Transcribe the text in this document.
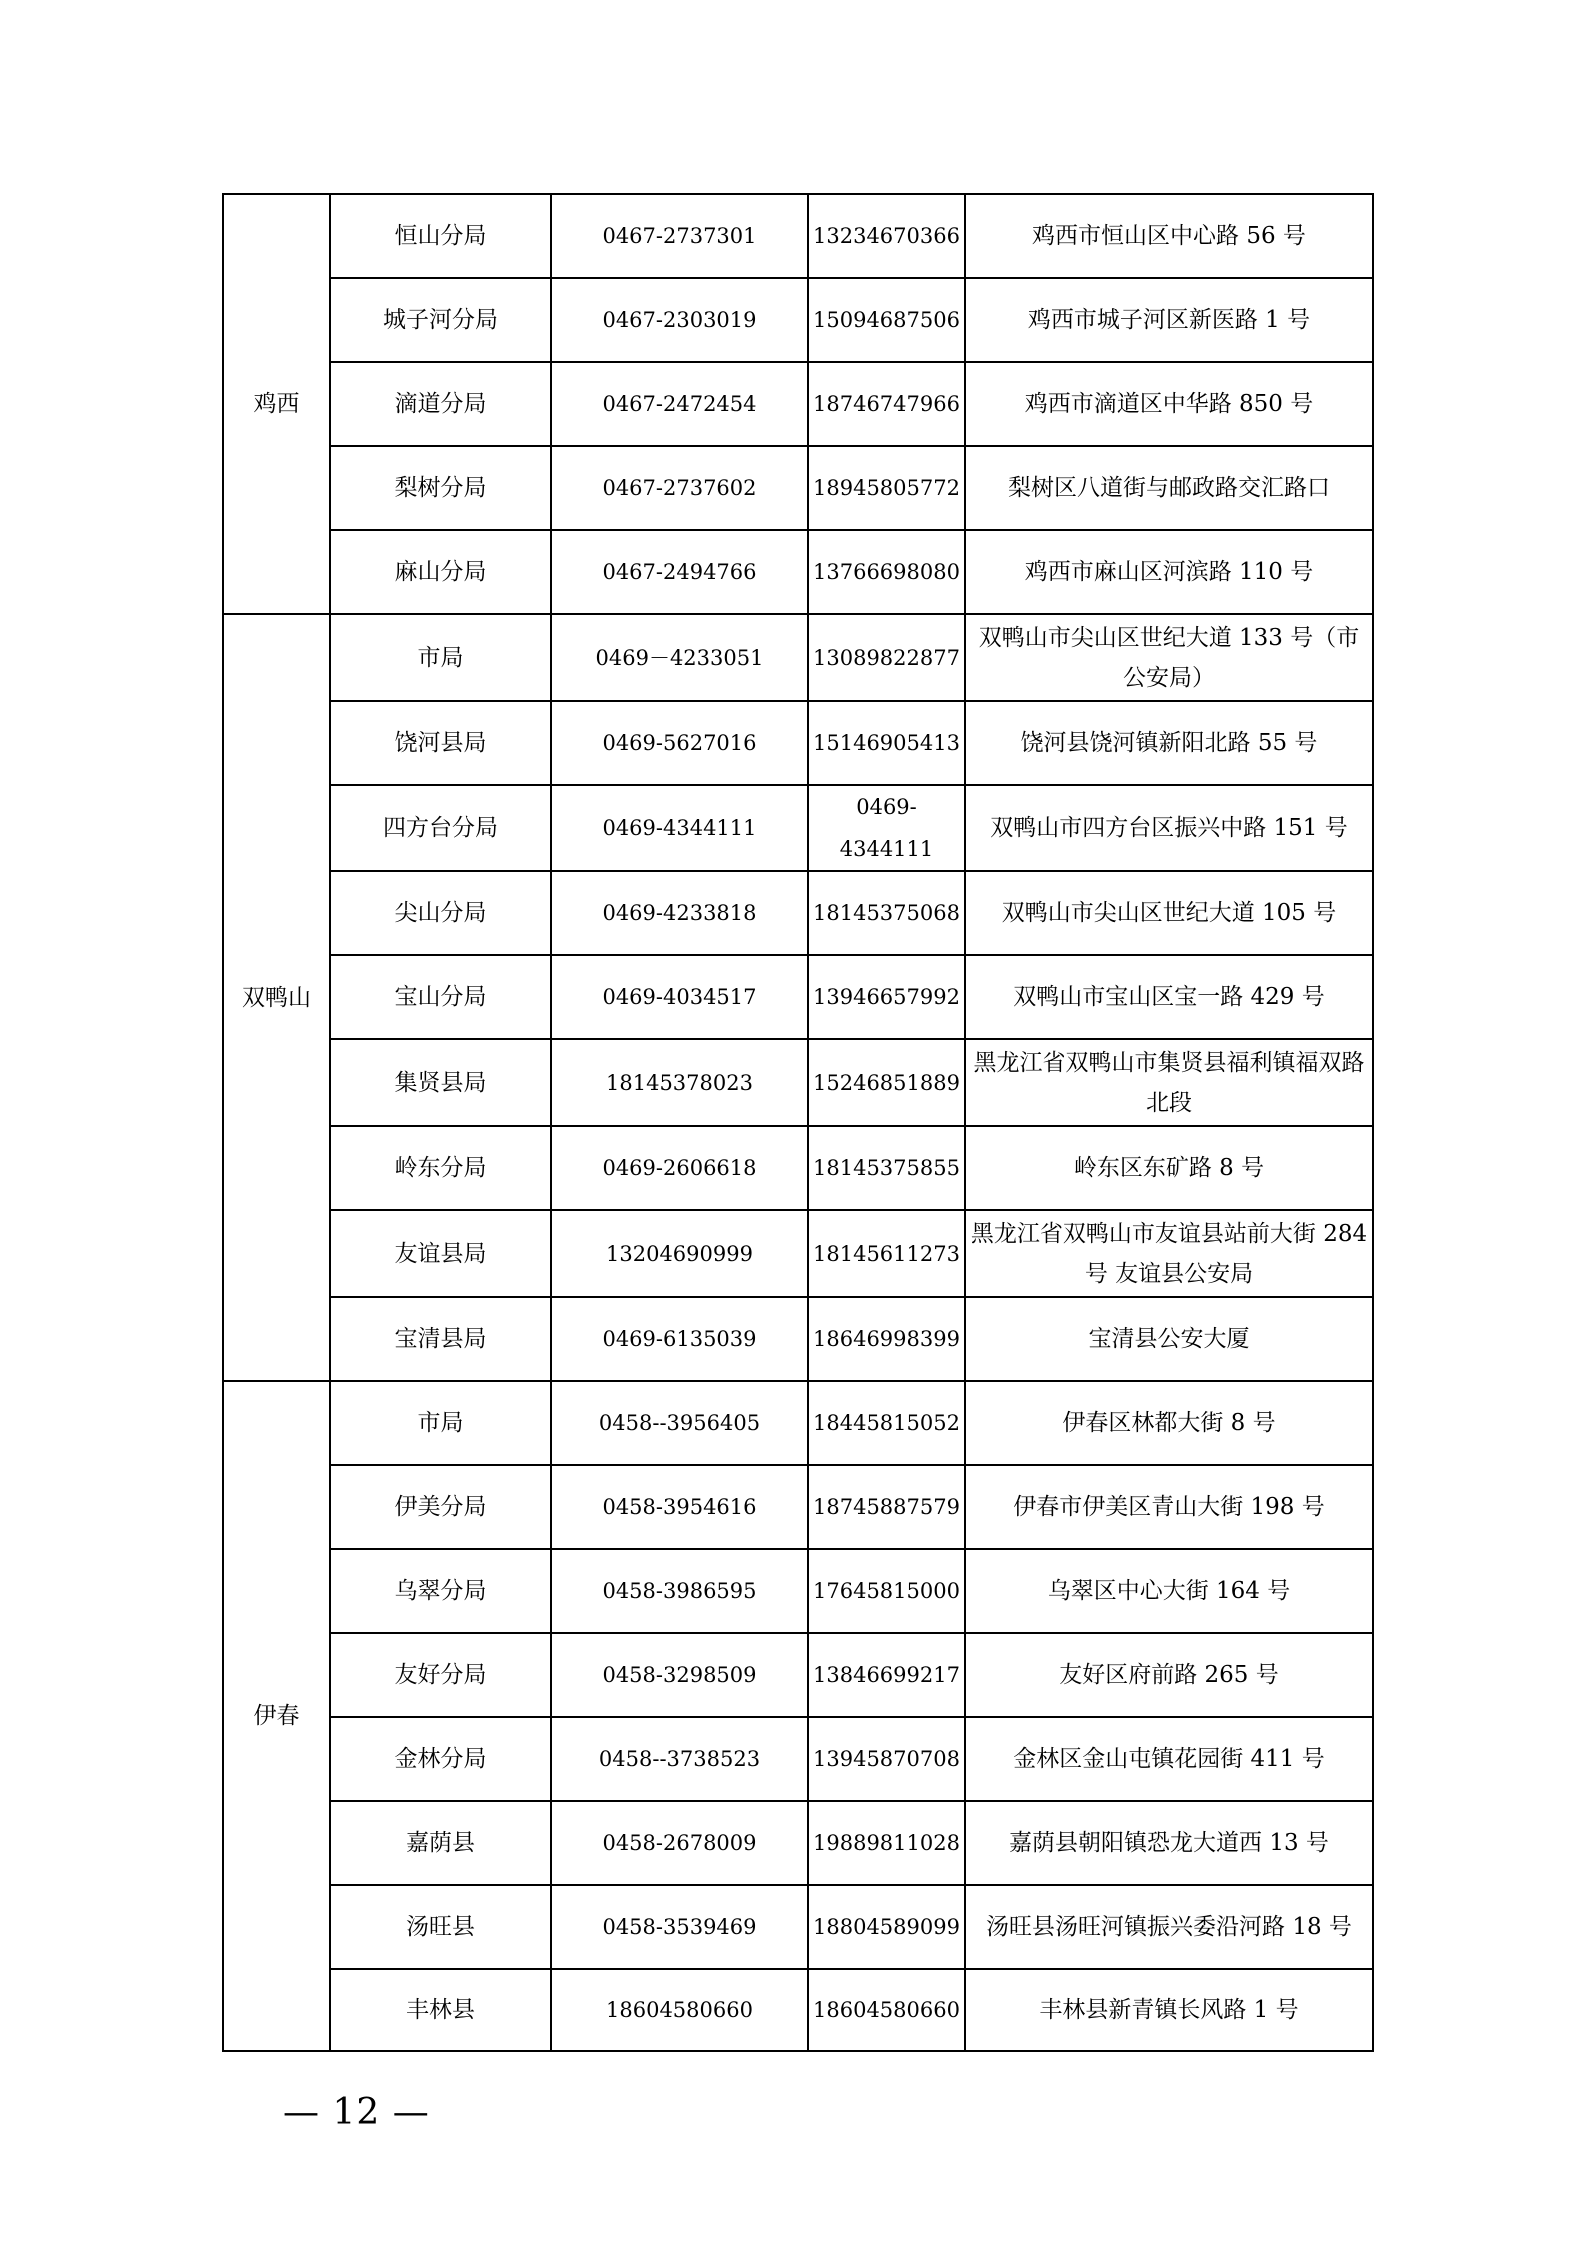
鸡西	恒山分局	0467-2737301	13234670366	鸡西市恒山区中心路 56 号
	城子河分局	0467-2303019	15094687506	鸡西市城子河区新医路 1 号
	滴道分局	0467-2472454	18746747966	鸡西市滴道区中华路 850 号
	梨树分局	0467-2737602	18945805772	梨树区八道街与邮政路交汇路口
	麻山分局	0467-2494766	13766698080	鸡西市麻山区河滨路 110 号
双鸭山	市局	0469－4233051	13089822877	双鸭山市尖山区世纪大道 133 号（市公安局）
	饶河县局	0469-5627016	15146905413	饶河县饶河镇新阳北路 55 号
	四方台分局	0469-4344111	0469-4344111	双鸭山市四方台区振兴中路 151 号
	尖山分局	0469-4233818	18145375068	双鸭山市尖山区世纪大道 105 号
	宝山分局	0469-4034517	13946657992	双鸭山市宝山区宝一路 429 号
	集贤县局	18145378023	15246851889	黑龙江省双鸭山市集贤县福利镇福双路北段
	岭东分局	0469-2606618	18145375855	岭东区东矿路 8 号
	友谊县局	13204690999	18145611273	黑龙江省双鸭山市友谊县站前大街 284 号 友谊县公安局
	宝清县局	0469-6135039	18646998399	宝清县公安大厦
伊春	市局	0458--3956405	18445815052	伊春区林都大街 8 号
	伊美分局	0458-3954616	18745887579	伊春市伊美区青山大街 198 号
	乌翠分局	0458-3986595	17645815000	乌翠区中心大街 164 号
	友好分局	0458-3298509	13846699217	友好区府前路 265 号
	金林分局	0458--3738523	13945870708	金林区金山屯镇花园街 411 号
	嘉荫县	0458-2678009	19889811028	嘉荫县朝阳镇恐龙大道西 13 号
	汤旺县	0458-3539469	18804589099	汤旺县汤旺河镇振兴委沿河路 18 号
	丰林县	18604580660	18604580660	丰林县新青镇长风路 1 号
— 12 —
